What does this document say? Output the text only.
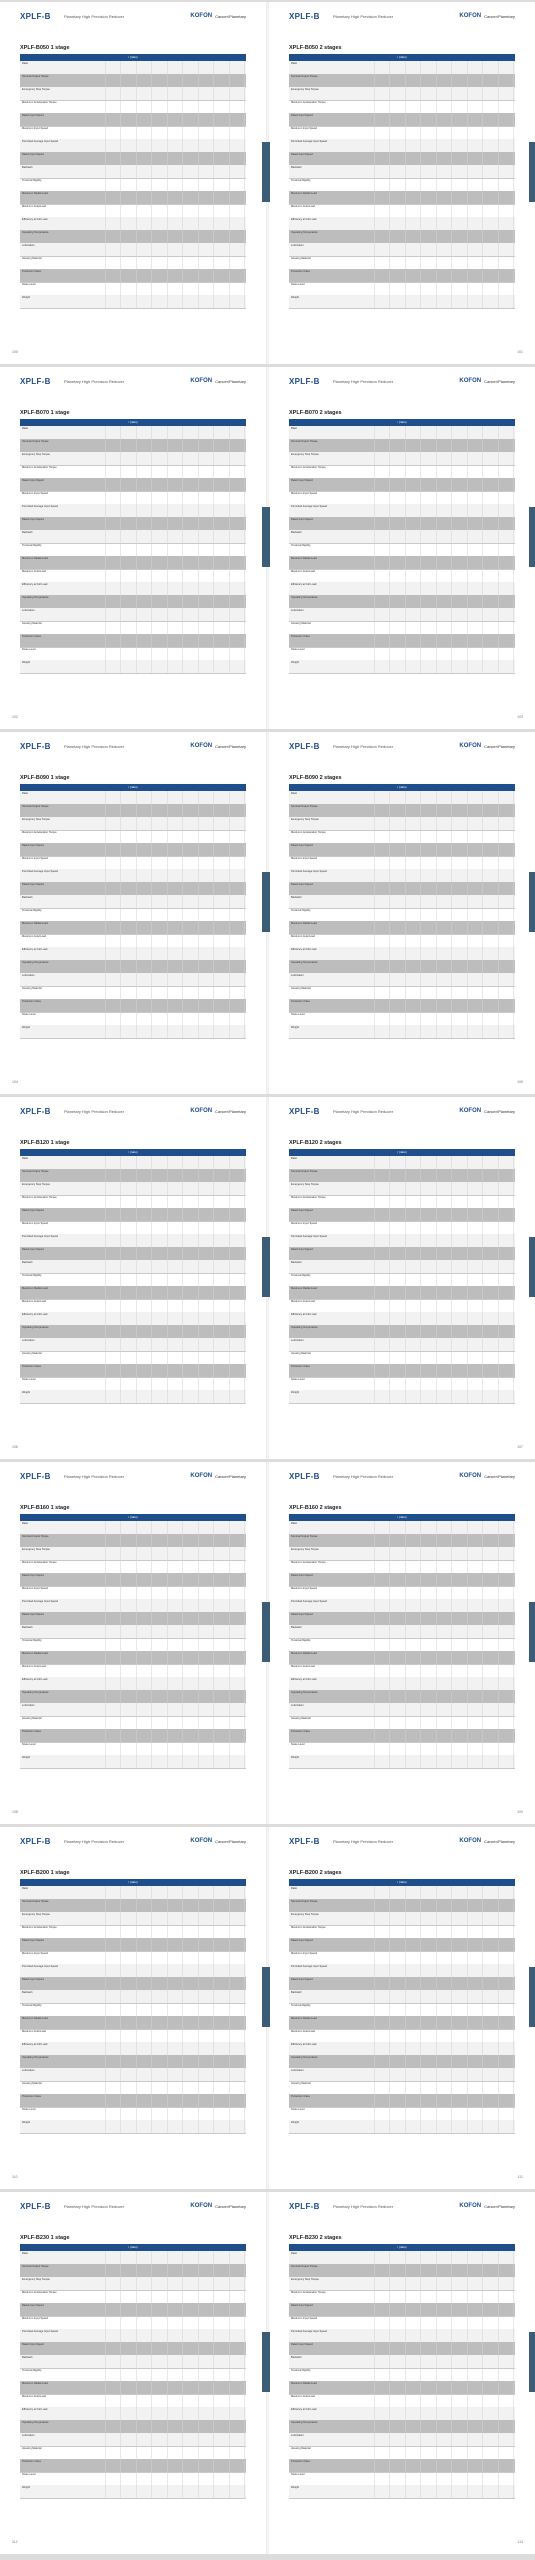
XPLF-B	Planetary High Precision Reducer	KOFON Cancer/Planetary
XPLF-B050 1 stage
i (ratio)
Ratio
Nominal Output Torque
Emergency Stop Torque
Maximum Acceleration Torque
Rated Input Speed
Maximum Input Speed
Permitted Average Input Speed
Rated Input Speed
Backlash
Torsional Rigidity
Maximum Radial Load
Maximum Axial Load
Efficiency at Full Load
Operating Temperature
Lubrication
Housing Material
Protection Class
Noise Level
Weight
100
XPLF-B	Planetary High Precision Reducer	KOFON Cancer/Planetary
XPLF-B050 2 stages
i (ratio)
Ratio
Nominal Output Torque
Emergency Stop Torque
Maximum Acceleration Torque
Rated Input Speed
Maximum Input Speed
Permitted Average Input Speed
Rated Input Speed
Backlash
Torsional Rigidity
Maximum Radial Load
Maximum Axial Load
Efficiency at Full Load
Operating Temperature
Lubrication
Housing Material
Protection Class
Noise Level
Weight
101
XPLF-B	Planetary High Precision Reducer	KOFON Cancer/Planetary
XPLF-B070 1 stage
i (ratio)
Ratio
Nominal Output Torque
Emergency Stop Torque
Maximum Acceleration Torque
Rated Input Speed
Maximum Input Speed
Permitted Average Input Speed
Rated Input Speed
Backlash
Torsional Rigidity
Maximum Radial Load
Maximum Axial Load
Efficiency at Full Load
Operating Temperature
Lubrication
Housing Material
Protection Class
Noise Level
Weight
102
XPLF-B	Planetary High Precision Reducer	KOFON Cancer/Planetary
XPLF-B070 2 stages
i (ratio)
Ratio
Nominal Output Torque
Emergency Stop Torque
Maximum Acceleration Torque
Rated Input Speed
Maximum Input Speed
Permitted Average Input Speed
Rated Input Speed
Backlash
Torsional Rigidity
Maximum Radial Load
Maximum Axial Load
Efficiency at Full Load
Operating Temperature
Lubrication
Housing Material
Protection Class
Noise Level
Weight
103
XPLF-B	Planetary High Precision Reducer	KOFON Cancer/Planetary
XPLF-B090 1 stage
i (ratio)
Ratio
Nominal Output Torque
Emergency Stop Torque
Maximum Acceleration Torque
Rated Input Speed
Maximum Input Speed
Permitted Average Input Speed
Rated Input Speed
Backlash
Torsional Rigidity
Maximum Radial Load
Maximum Axial Load
Efficiency at Full Load
Operating Temperature
Lubrication
Housing Material
Protection Class
Noise Level
Weight
104
XPLF-B	Planetary High Precision Reducer	KOFON Cancer/Planetary
XPLF-B090 2 stages
i (ratio)
Ratio
Nominal Output Torque
Emergency Stop Torque
Maximum Acceleration Torque
Rated Input Speed
Maximum Input Speed
Permitted Average Input Speed
Rated Input Speed
Backlash
Torsional Rigidity
Maximum Radial Load
Maximum Axial Load
Efficiency at Full Load
Operating Temperature
Lubrication
Housing Material
Protection Class
Noise Level
Weight
105
XPLF-B	Planetary High Precision Reducer	KOFON Cancer/Planetary
XPLF-B120 1 stage
i (ratio)
Ratio
Nominal Output Torque
Emergency Stop Torque
Maximum Acceleration Torque
Rated Input Speed
Maximum Input Speed
Permitted Average Input Speed
Rated Input Speed
Backlash
Torsional Rigidity
Maximum Radial Load
Maximum Axial Load
Efficiency at Full Load
Operating Temperature
Lubrication
Housing Material
Protection Class
Noise Level
Weight
106
XPLF-B	Planetary High Precision Reducer	KOFON Cancer/Planetary
XPLF-B120 2 stages
i (ratio)
Ratio
Nominal Output Torque
Emergency Stop Torque
Maximum Acceleration Torque
Rated Input Speed
Maximum Input Speed
Permitted Average Input Speed
Rated Input Speed
Backlash
Torsional Rigidity
Maximum Radial Load
Maximum Axial Load
Efficiency at Full Load
Operating Temperature
Lubrication
Housing Material
Protection Class
Noise Level
Weight
107
XPLF-B	Planetary High Precision Reducer	KOFON Cancer/Planetary
XPLF-B160 1 stage
i (ratio)
Ratio
Nominal Output Torque
Emergency Stop Torque
Maximum Acceleration Torque
Rated Input Speed
Maximum Input Speed
Permitted Average Input Speed
Rated Input Speed
Backlash
Torsional Rigidity
Maximum Radial Load
Maximum Axial Load
Efficiency at Full Load
Operating Temperature
Lubrication
Housing Material
Protection Class
Noise Level
Weight
108
XPLF-B	Planetary High Precision Reducer	KOFON Cancer/Planetary
XPLF-B160 2 stages
i (ratio)
Ratio
Nominal Output Torque
Emergency Stop Torque
Maximum Acceleration Torque
Rated Input Speed
Maximum Input Speed
Permitted Average Input Speed
Rated Input Speed
Backlash
Torsional Rigidity
Maximum Radial Load
Maximum Axial Load
Efficiency at Full Load
Operating Temperature
Lubrication
Housing Material
Protection Class
Noise Level
Weight
109
XPLF-B	Planetary High Precision Reducer	KOFON Cancer/Planetary
XPLF-B200 1 stage
i (ratio)
Ratio
Nominal Output Torque
Emergency Stop Torque
Maximum Acceleration Torque
Rated Input Speed
Maximum Input Speed
Permitted Average Input Speed
Rated Input Speed
Backlash
Torsional Rigidity
Maximum Radial Load
Maximum Axial Load
Efficiency at Full Load
Operating Temperature
Lubrication
Housing Material
Protection Class
Noise Level
Weight
110
XPLF-B	Planetary High Precision Reducer	KOFON Cancer/Planetary
XPLF-B200 2 stages
i (ratio)
Ratio
Nominal Output Torque
Emergency Stop Torque
Maximum Acceleration Torque
Rated Input Speed
Maximum Input Speed
Permitted Average Input Speed
Rated Input Speed
Backlash
Torsional Rigidity
Maximum Radial Load
Maximum Axial Load
Efficiency at Full Load
Operating Temperature
Lubrication
Housing Material
Protection Class
Noise Level
Weight
111
XPLF-B	Planetary High Precision Reducer	KOFON Cancer/Planetary
XPLF-B230 1 stage
i (ratio)
Ratio
Nominal Output Torque
Emergency Stop Torque
Maximum Acceleration Torque
Rated Input Speed
Maximum Input Speed
Permitted Average Input Speed
Rated Input Speed
Backlash
Torsional Rigidity
Maximum Radial Load
Maximum Axial Load
Efficiency at Full Load
Operating Temperature
Lubrication
Housing Material
Protection Class
Noise Level
Weight
112
XPLF-B	Planetary High Precision Reducer	KOFON Cancer/Planetary
XPLF-B230 2 stages
i (ratio)
Ratio
Nominal Output Torque
Emergency Stop Torque
Maximum Acceleration Torque
Rated Input Speed
Maximum Input Speed
Permitted Average Input Speed
Rated Input Speed
Backlash
Torsional Rigidity
Maximum Radial Load
Maximum Axial Load
Efficiency at Full Load
Operating Temperature
Lubrication
Housing Material
Protection Class
Noise Level
Weight
113
